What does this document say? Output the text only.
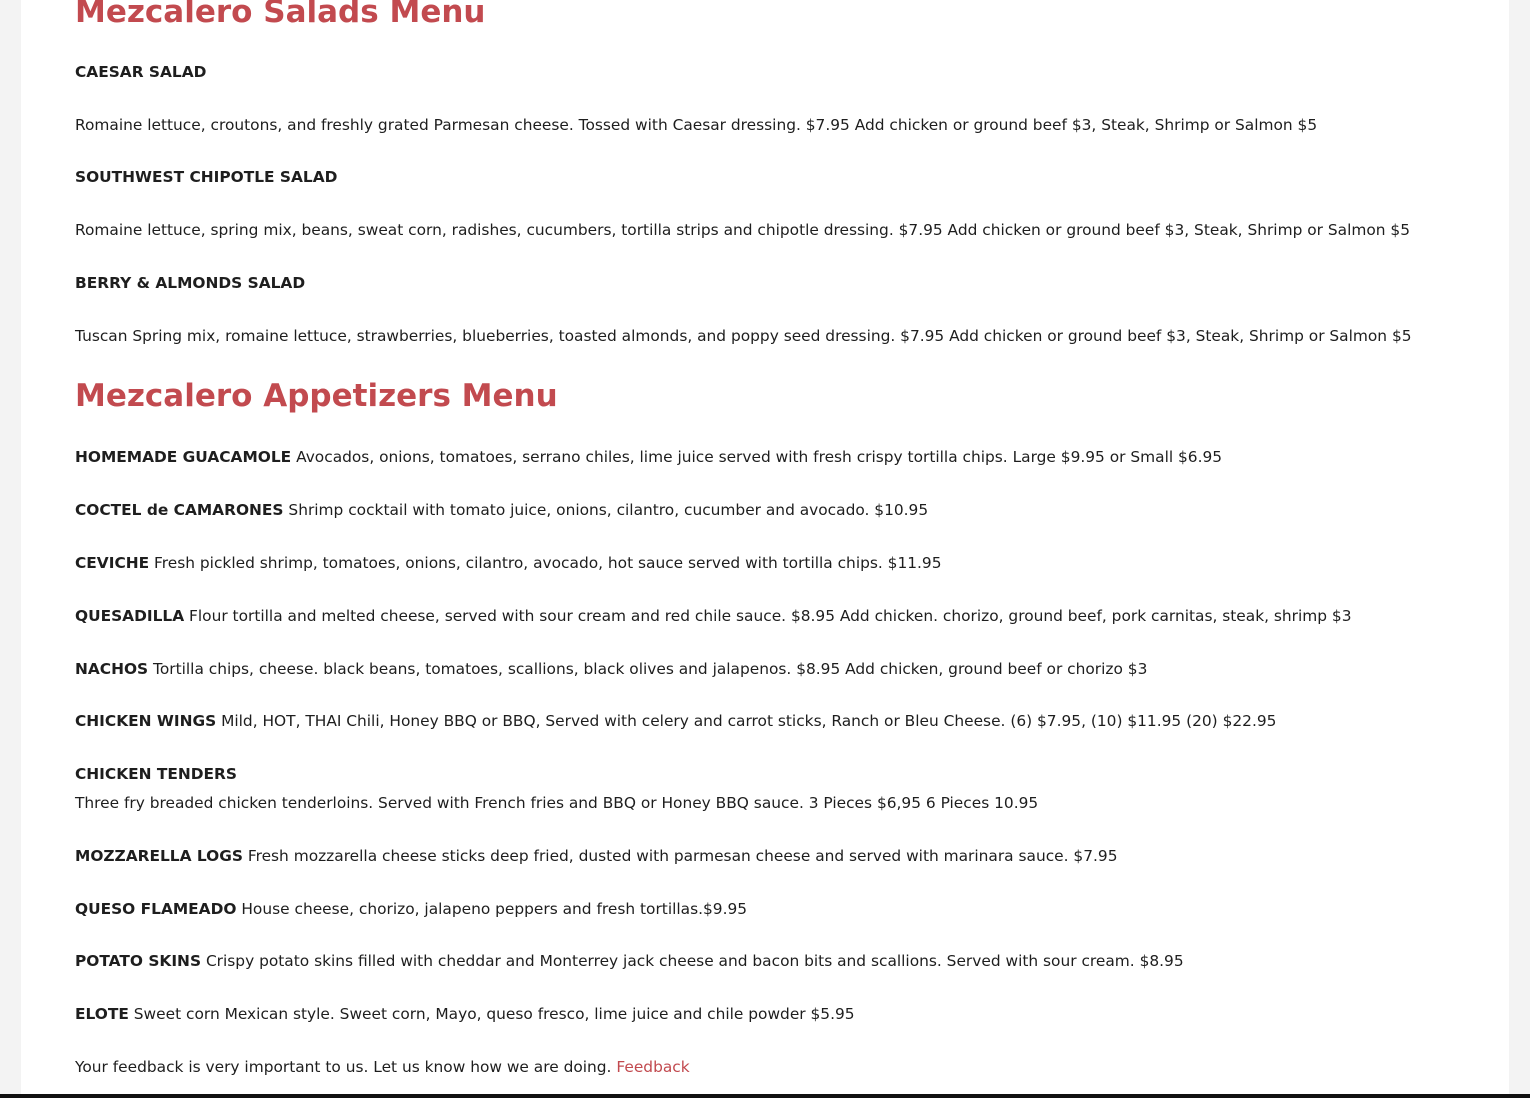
Mezcalero Salads Menu

CAESAR SALAD

Romaine lettuce, croutons, and freshly grated Parmesan cheese. Tossed with Caesar dressing. $7.95 Add chicken or ground beef $3, Steak, Shrimp or Salmon $5

SOUTHWEST CHIPOTLE SALAD

Romaine lettuce, spring mix, beans, sweat corn, radishes, cucumbers, tortilla strips and chipotle dressing. $7.95 Add chicken or ground beef $3, Steak, Shrimp or Salmon $5

BERRY & ALMONDS SALAD

Tuscan Spring mix, romaine lettuce, strawberries, blueberries, toasted almonds, and poppy seed dressing. $7.95 Add chicken or ground beef $3, Steak, Shrimp or Salmon $5

Mezcalero Appetizers Menu

HOMEMADE GUACAMOLE Avocados, onions, tomatoes, serrano chiles, lime juice served with fresh crispy tortilla chips. Large $9.95 or Small $6.95

COCTEL de CAMARONES Shrimp cocktail with tomato juice, onions, cilantro, cucumber and avocado. $10.95

CEVICHE Fresh pickled shrimp, tomatoes, onions, cilantro, avocado, hot sauce served with tortilla chips. $11.95

QUESADILLA Flour tortilla and melted cheese, served with sour cream and red chile sauce. $8.95 Add chicken. chorizo, ground beef, pork carnitas, steak, shrimp $3

NACHOS Tortilla chips, cheese. black beans, tomatoes, scallions, black olives and jalapenos. $8.95 Add chicken, ground beef or chorizo $3

CHICKEN WINGS Mild, HOT, THAI Chili, Honey BBQ or BBQ, Served with celery and carrot sticks, Ranch or Bleu Cheese. (6) $7.95, (10) $11.95 (20) $22.95

CHICKEN TENDERS

Three fry breaded chicken tenderloins. Served with French fries and BBQ or Honey BBQ sauce. 3 Pieces $6,95 6 Pieces 10.95

MOZZARELLA LOGS Fresh mozzarella cheese sticks deep fried, dusted with parmesan cheese and served with marinara sauce. $7.95

QUESO FLAMEADO House cheese, chorizo, jalapeno peppers and fresh tortillas.$9.95

POTATO SKINS Crispy potato skins filled with cheddar and Monterrey jack cheese and bacon bits and scallions. Served with sour cream. $8.95

ELOTE Sweet corn Mexican style. Sweet corn, Mayo, queso fresco, lime juice and chile powder $5.95

Your feedback is very important to us. Let us know how we are doing. Feedback
